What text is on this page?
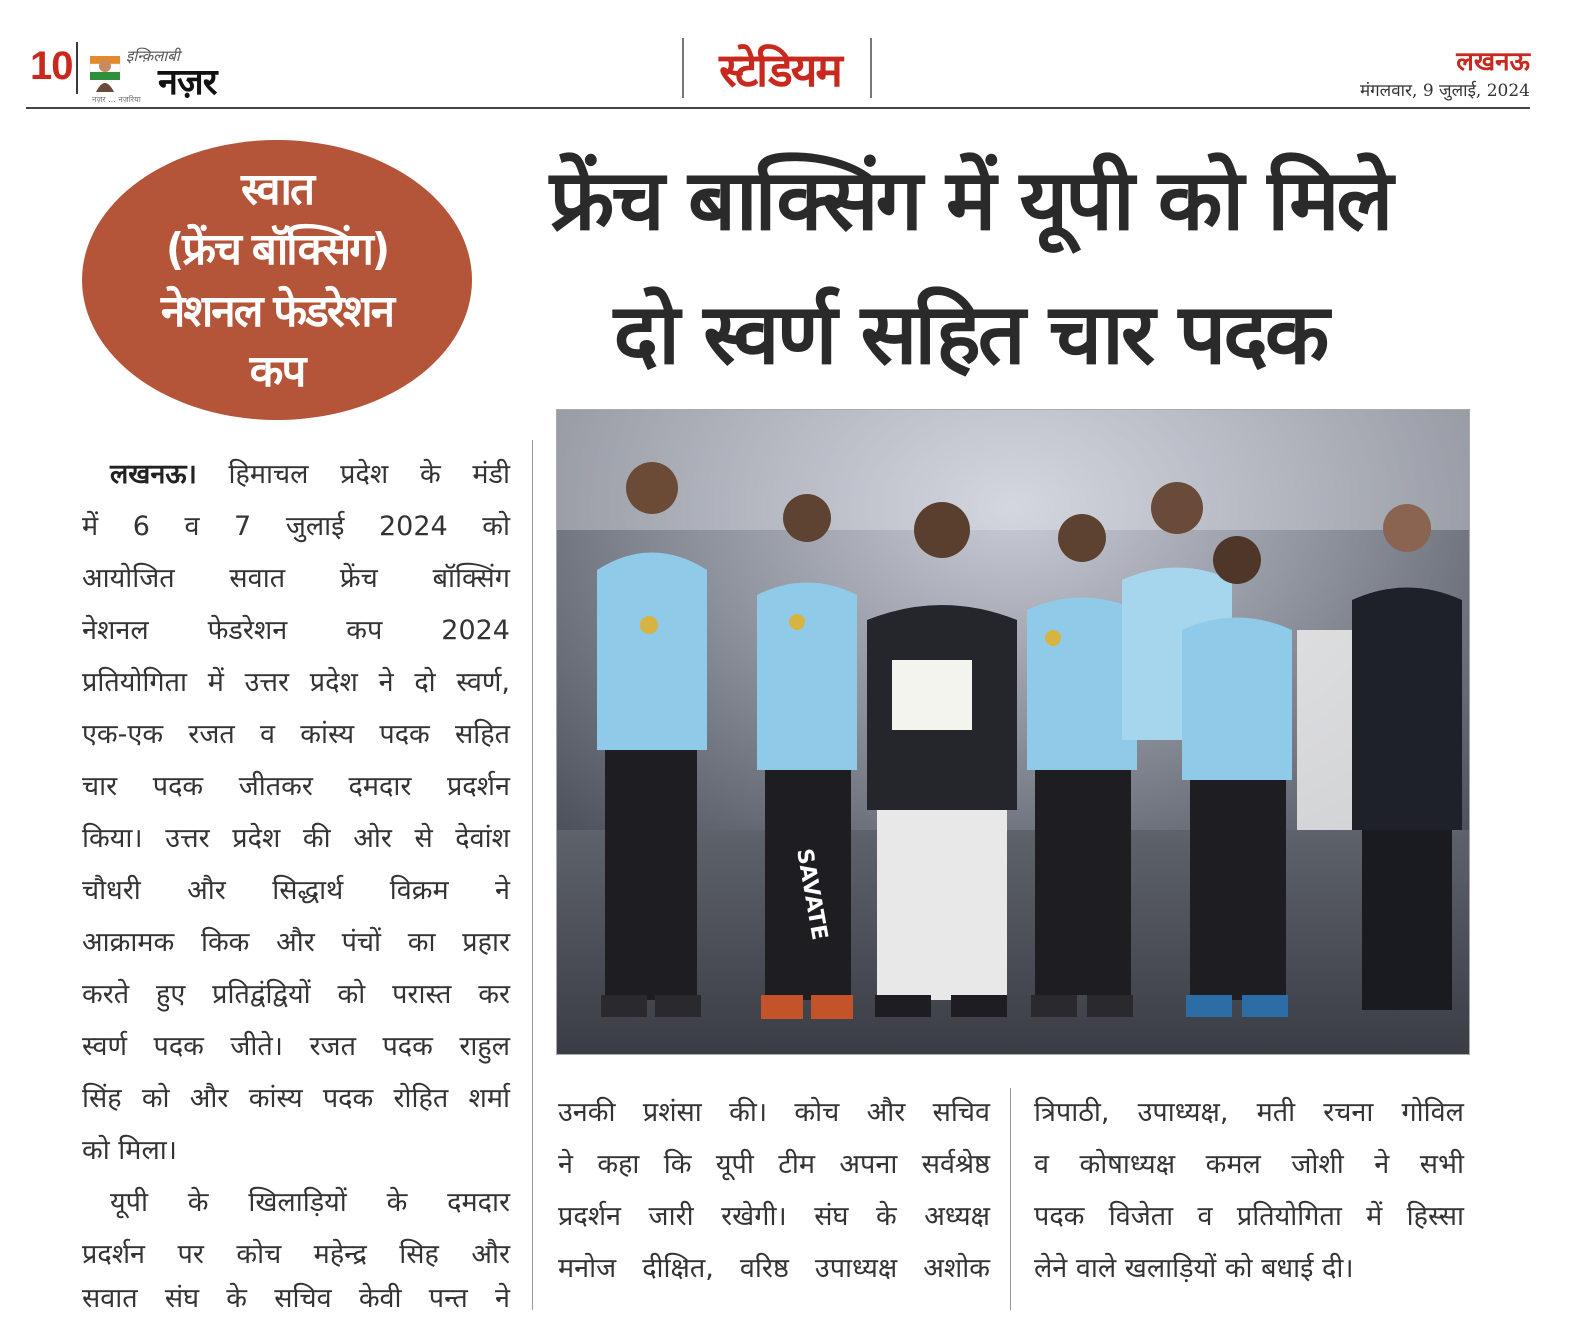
10	इन्क़िलाबी
नज़र
नज़र ... नज़रिया
स्टेडियम	लखनऊ
मंगलवार, 9 जुलाई, 2024
स्वात
(फ्रेंच बॉक्सिंग)
नेशनल फेडरेशन
कप
फ्रेंच बाक्सिंग में यूपी को मिले
दो स्वर्ण सहित चार पदक
SAVATE
लखनऊ। हिमाचल प्रदेश के मंडी
में 6 व 7 जुलाई 2024 को
आयोजित सवात फ्रेंच बॉक्सिंग
नेशनल फेडरेशन कप 2024
प्रतियोगिता में उत्तर प्रदेश ने दो स्वर्ण,
एक-एक रजत व कांस्य पदक सहित
चार पदक जीतकर दमदार प्रदर्शन
किया। उत्तर प्रदेश की ओर से देवांश
चौधरी और सिद्धार्थ विक्रम ने
आक्रामक किक और पंचों का प्रहार
करते हुए प्रतिद्वंद्वियों को परास्त कर
स्वर्ण पदक जीते। रजत पदक राहुल
सिंह को और कांस्य पदक रोहित शर्मा
को मिला।
यूपी के खिलाड़ियों के दमदार
प्रदर्शन पर कोच महेन्द्र सिह और
सवात संघ के सचिव केवी पन्त ने
उनकी प्रशंसा की। कोच और सचिव
ने कहा कि यूपी टीम अपना सर्वश्रेष्ठ
प्रदर्शन जारी रखेगी। संघ के अध्यक्ष
मनोज दीक्षित, वरिष्ठ उपाध्यक्ष अशोक
त्रिपाठी, उपाध्यक्ष, मती रचना गोविल
व कोषाध्यक्ष कमल जोशी ने सभी
पदक विजेता व प्रतियोगिता में हिस्सा
लेने वाले खलाड़ियों को बधाई दी।
